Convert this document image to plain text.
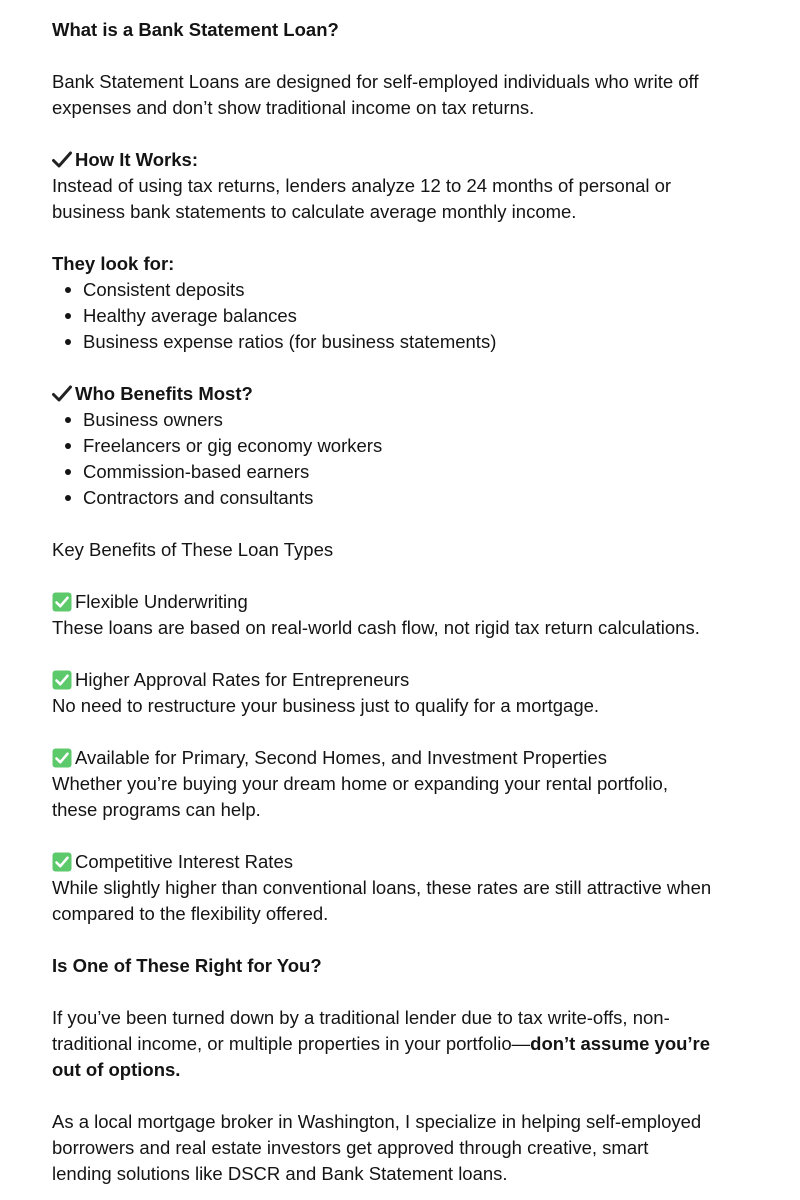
What is a Bank Statement Loan?
Bank Statement Loans are designed for self-employed individuals who write off
expenses and don’t show traditional income on tax returns.
How It Works:
Instead of using tax returns, lenders analyze 12 to 24 months of personal or
business bank statements to calculate average monthly income.
They look for:
Consistent deposits
Healthy average balances
Business expense ratios (for business statements)
Who Benefits Most?
Business owners
Freelancers or gig economy workers
Commission-based earners
Contractors and consultants
Key Benefits of These Loan Types
Flexible Underwriting
These loans are based on real-world cash flow, not rigid tax return calculations.
Higher Approval Rates for Entrepreneurs
No need to restructure your business just to qualify for a mortgage.
Available for Primary, Second Homes, and Investment Properties
Whether you’re buying your dream home or expanding your rental portfolio,
these programs can help.
Competitive Interest Rates
While slightly higher than conventional loans, these rates are still attractive when
compared to the flexibility offered.
Is One of These Right for You?
If you’ve been turned down by a traditional lender due to tax write-offs, non-
traditional income, or multiple properties in your portfolio—don’t assume you’re
out of options.
As a local mortgage broker in Washington, I specialize in helping self-employed
borrowers and real estate investors get approved through creative, smart
lending solutions like DSCR and Bank Statement loans.
